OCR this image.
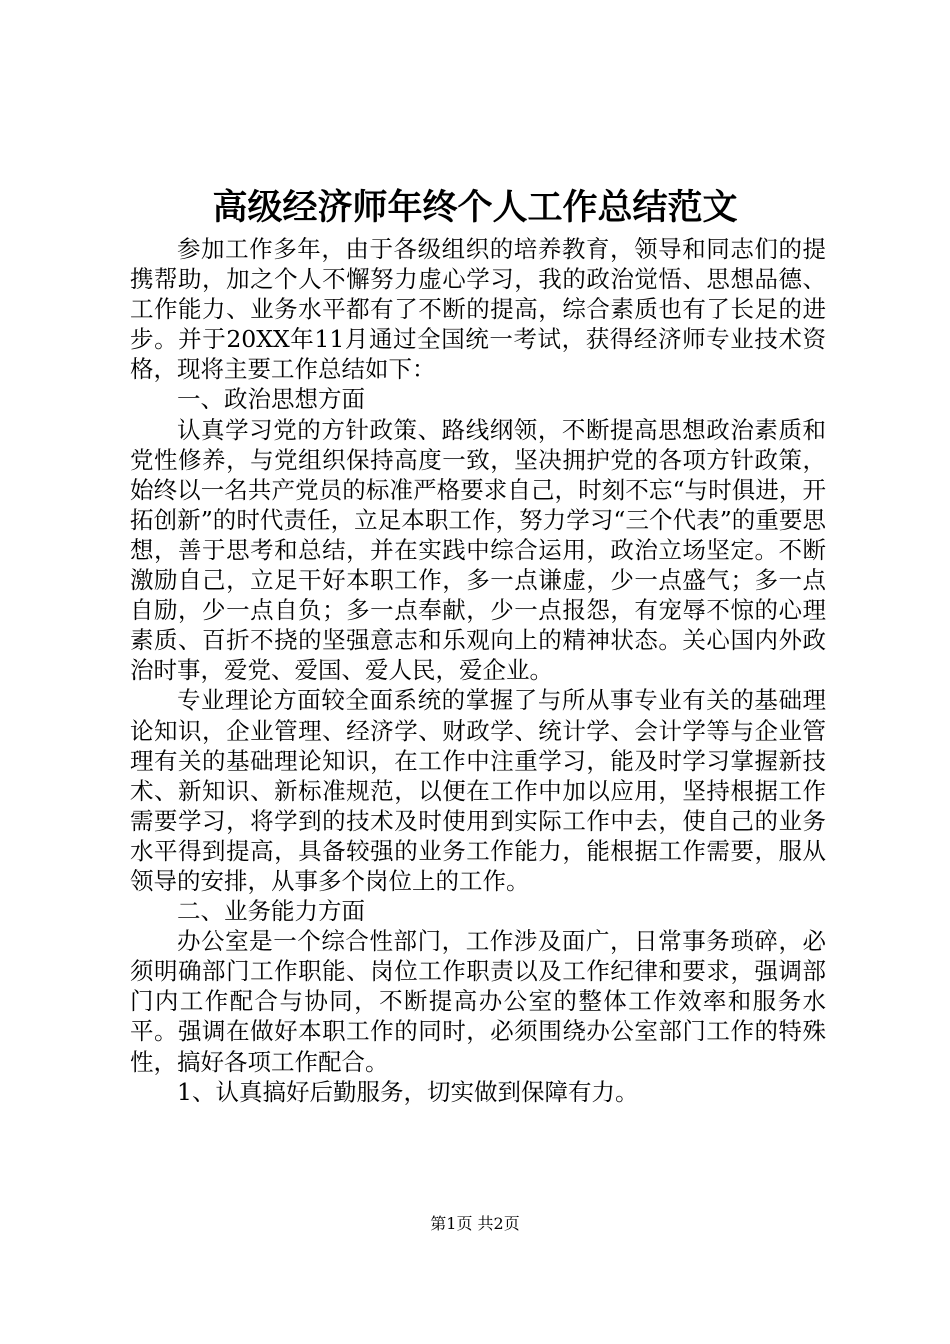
高级经济师年终个人工作总结范文

参加工作多年，由于各级组织的培养教育，领导和同志们的提携帮助，加之个人不懈努力虚心学习，我的政治觉悟、思想品德、工作能力、业务水平都有了不断的提高，综合素质也有了长足的进步。并于20XX年11月通过全国统一考试，获得经济师专业技术资格，现将主要工作总结如下：

一、政治思想方面

认真学习党的方针政策、路线纲领，不断提高思想政治素质和党性修养，与党组织保持高度一致，坚决拥护党的各项方针政策，始终以一名共产党员的标准严格要求自己，时刻不忘“与时俱进，开拓创新”的时代责任，立足本职工作，努力学习“三个代表”的重要思想，善于思考和总结，并在实践中综合运用，政治立场坚定。不断激励自己，立足干好本职工作，多一点谦虚，少一点盛气；多一点自励，少一点自负；多一点奉献，少一点报怨，有宠辱不惊的心理素质、百折不挠的坚强意志和乐观向上的精神状态。关心国内外政治时事，爱党、爱国、爱人民，爱企业。

专业理论方面较全面系统的掌握了与所从事专业有关的基础理论知识，企业管理、经济学、财政学、统计学、会计学等与企业管理有关的基础理论知识，在工作中注重学习，能及时学习掌握新技术、新知识、新标准规范，以便在工作中加以应用，坚持根据工作需要学习，将学到的技术及时使用到实际工作中去，使自己的业务水平得到提高，具备较强的业务工作能力，能根据工作需要，服从领导的安排，从事多个岗位上的工作。

二、业务能力方面

办公室是一个综合性部门，工作涉及面广，日常事务琐碎，必须明确部门工作职能、岗位工作职责以及工作纪律和要求，强调部门内工作配合与协同，不断提高办公室的整体工作效率和服务水平。强调在做好本职工作的同时，必须围绕办公室部门工作的特殊性，搞好各项工作配合。

1、认真搞好后勤服务，切实做到保障有力。

第1页 共2页
